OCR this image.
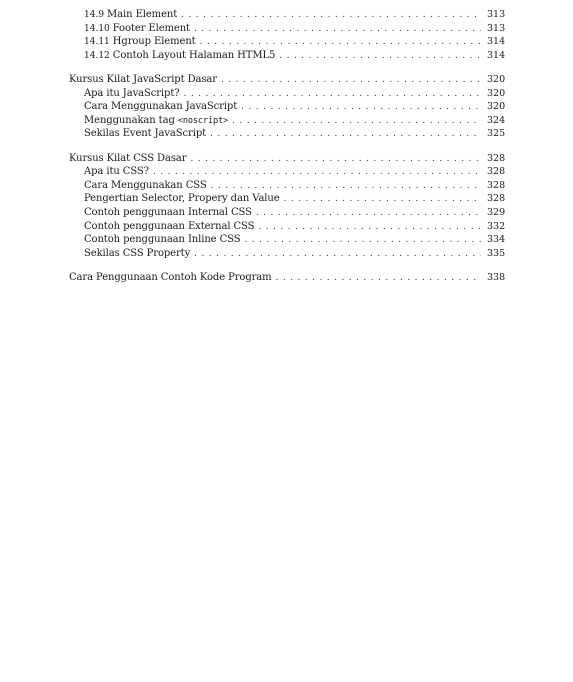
14.9 Main Element . . .	313
14.10 Footer Element . . .	313
14.11 Hgroup Element . . .	314
14.12 Contoh Layout Halaman HTML5 . . .	314
Kursus Kilat JavaScript Dasar . . .	320
Apa itu JavaScript? . . .	320
Cara Menggunakan JavaScript . . .	320
Menggunakan tag <noscript> . . .	324
Sekilas Event JavaScript . . .	325
Kursus Kilat CSS Dasar . . .	328
Apa itu CSS? . . .	328
Cara Menggunakan CSS . . .	328
Pengertian Selector, Propery dan Value . . .	328
Contoh penggunaan Internal CSS . . .	329
Contoh penggunaan External CSS . . .	332
Contoh penggunaan Inline CSS . . .	334
Sekilas CSS Property . . .	335
Cara Penggunaan Contoh Kode Program . . .	338
